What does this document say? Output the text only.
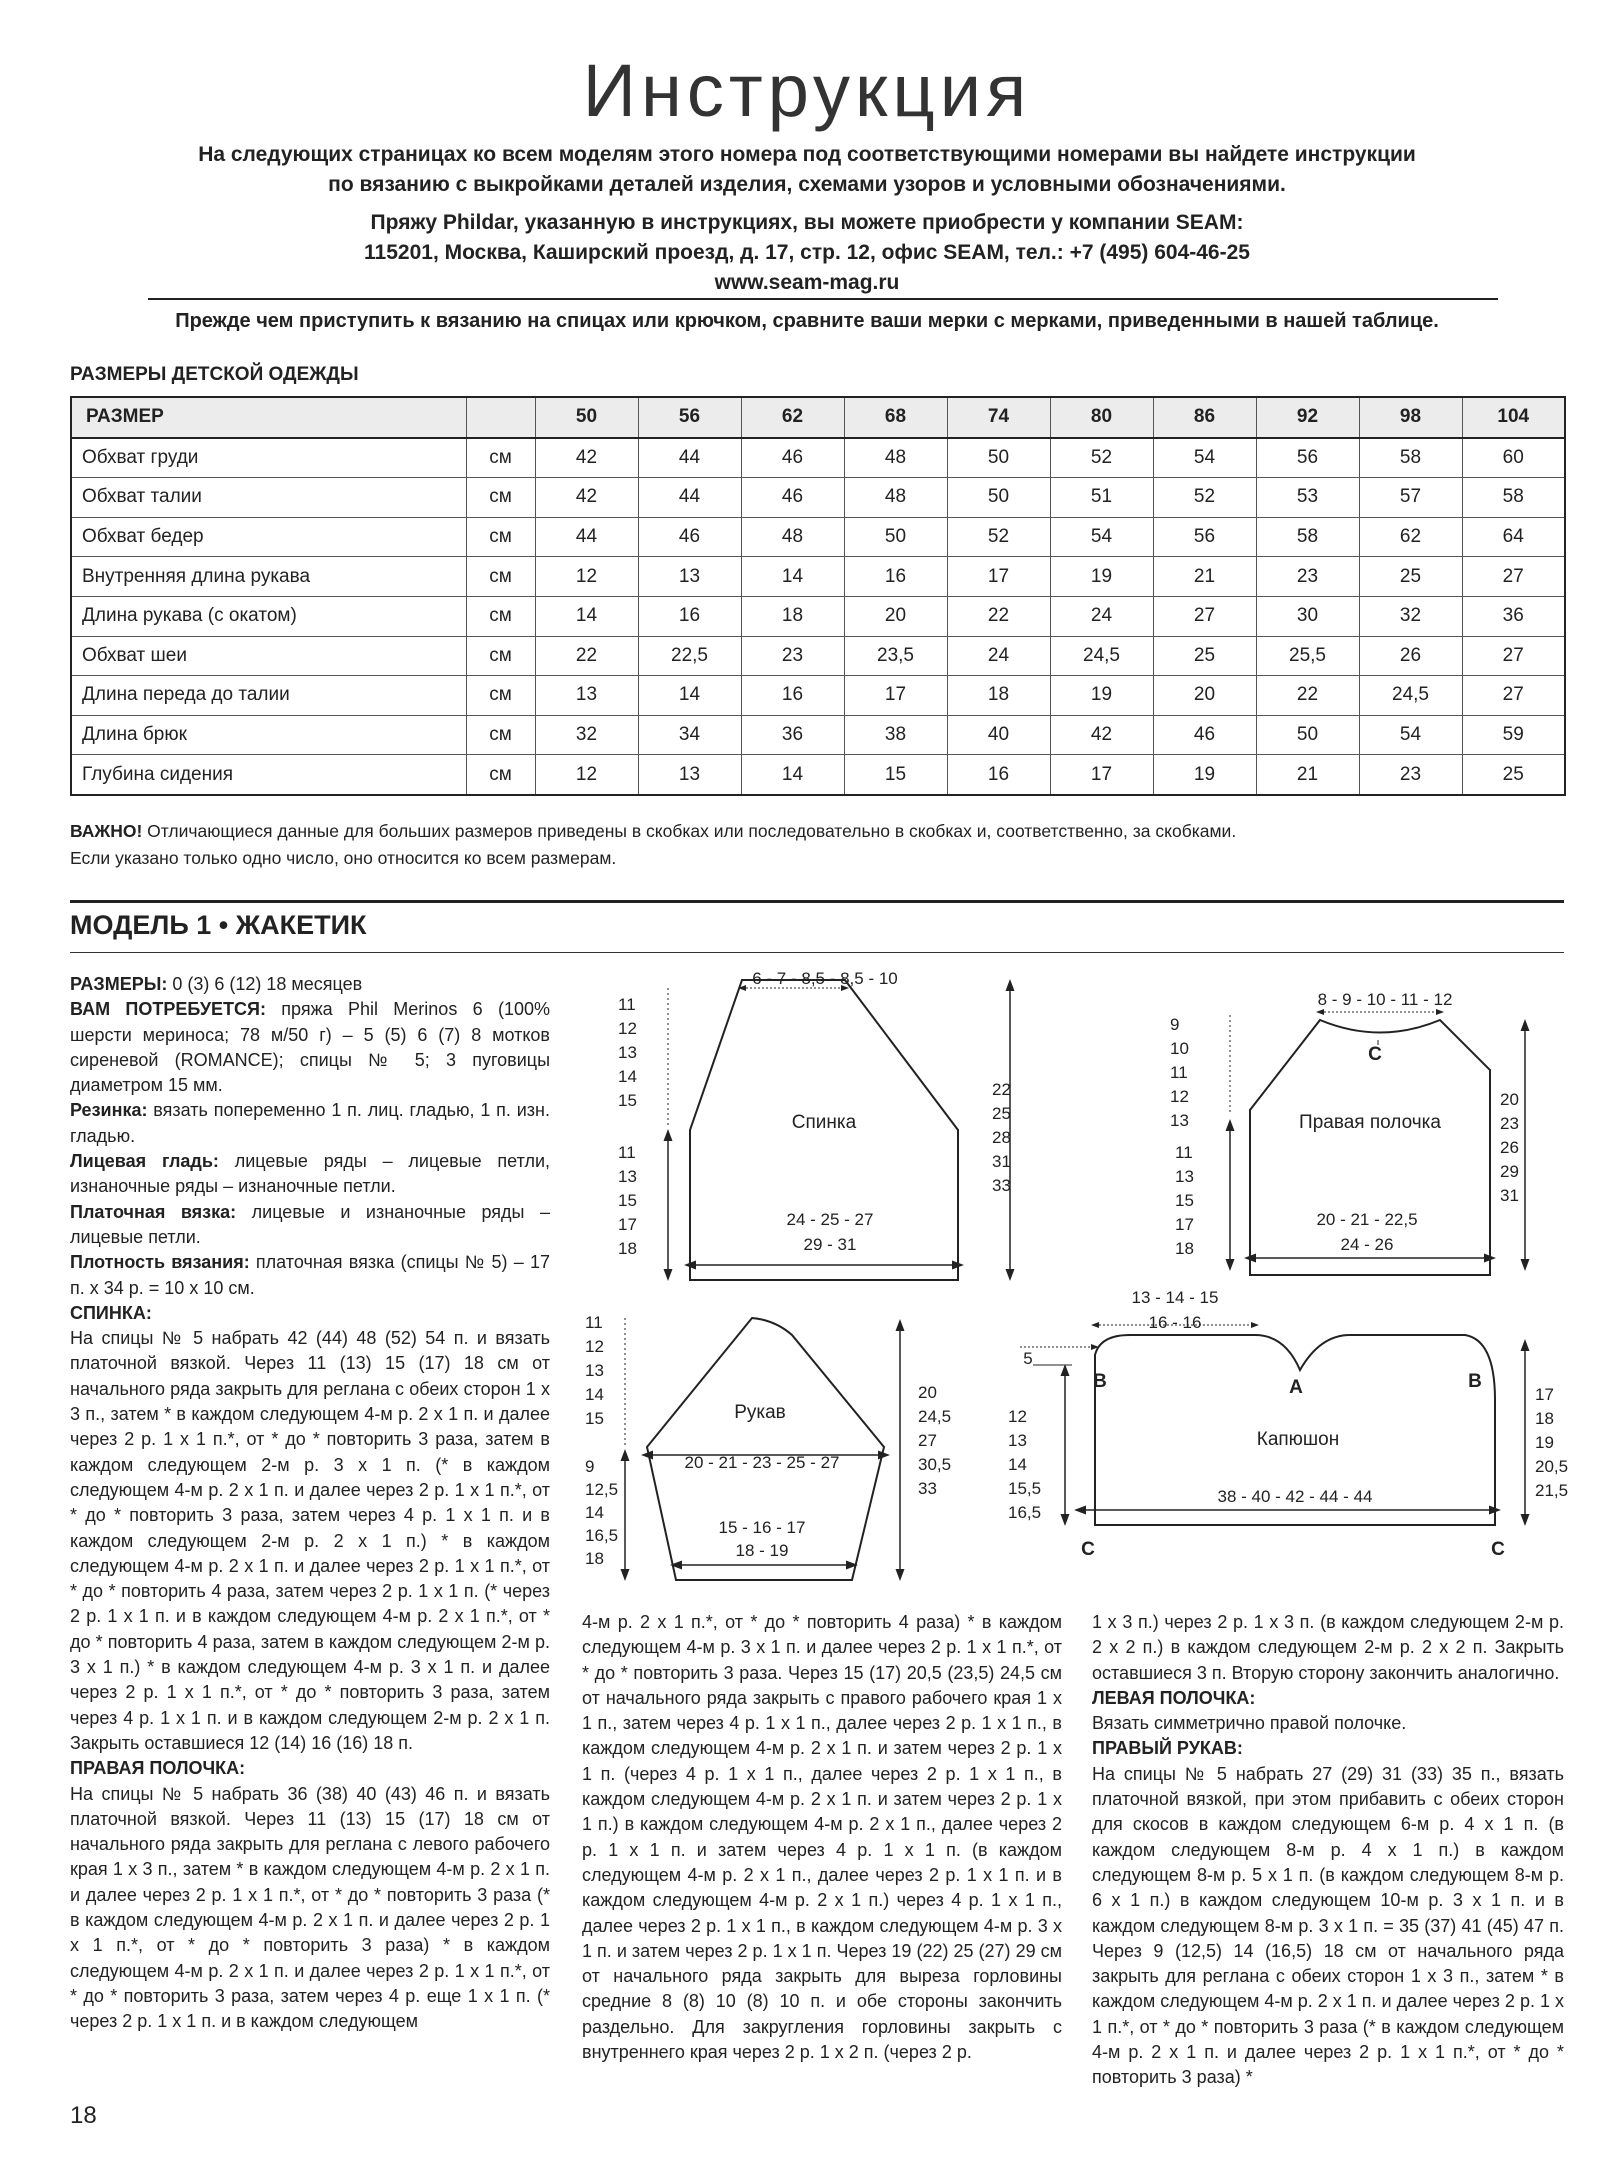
Инструкция
На следующих страницах ко всем моделям этого номера под соответствующими номерами вы найдете инструкции
по вязанию с выкройками деталей изделия, схемами узоров и условными обозначениями.
Пряжу Phildar, указанную в инструкциях, вы можете приобрести у компании SEAM:
115201, Москва, Каширский проезд, д. 17, стр. 12, офис SEAM, тел.: +7 (495) 604-46-25
www.seam-mag.ru
Прежде чем приступить к вязанию на спицах или крючком, сравните ваши мерки с мерками, приведенными в нашей таблице.
РАЗМЕРЫ ДЕТСКОЙ ОДЕЖДЫ
РАЗМЕР		50	56	62	68	74	80	86	92	98	104
Обхват груди	см	42	44	46	48	50	52	54	56	58	60
Обхват талии	см	42	44	46	48	50	51	52	53	57	58
Обхват бедер	см	44	46	48	50	52	54	56	58	62	64
Внутренняя длина рукава	см	12	13	14	16	17	19	21	23	25	27
Длина рукава (с окатом)	см	14	16	18	20	22	24	27	30	32	36
Обхват шеи	см	22	22,5	23	23,5	24	24,5	25	25,5	26	27
Длина переда до талии	см	13	14	16	17	18	19	20	22	24,5	27
Длина брюк	см	32	34	36	38	40	42	46	50	54	59
Глубина сидения	см	12	13	14	15	16	17	19	21	23	25
ВАЖНО! Отличающиеся данные для больших размеров приведены в скобках или последовательно в скобках и, соответственно, за скобками.
Если указано только одно число, оно относится ко всем размерам.
МОДЕЛЬ 1 • ЖАКЕТИК

РАЗМЕРЫ: 0 (3) 6 (12) 18 месяцев

ВАМ ПОТРЕБУЕТСЯ: пряжа Phil Merinos 6 (100% шерсти мериноса; 78 м/50 г) – 5 (5) 6 (7) 8 мотков сиреневой (ROMANCE); спицы № 5; 3 пуговицы диаметром 15 мм.

Резинка: вязать попеременно 1 п. лиц. гладью, 1 п. изн. гладью.

Лицевая гладь: лицевые ряды – лицевые петли, изнаночные ряды – изнаночные петли.

Платочная вязка: лицевые и изнаночные ряды – лицевые петли.

Плотность вязания: платочная вязка (спицы № 5) – 17 п. х 34 р. = 10 х 10 см.

СПИНКА:

На спицы № 5 набрать 42 (44) 48 (52) 54 п. и вязать платочной вязкой. Через 11 (13) 15 (17) 18 см от начального ряда закрыть для реглана с обеих сторон 1 х 3 п., затем * в каждом следующем 4-м р. 2 х 1 п. и далее через 2 р. 1 х 1 п.*, от * до * повторить 3 раза, затем в каждом следующем 2-м р. 3 х 1 п. (* в каждом следующем 4-м р. 2 х 1 п. и далее через 2 р. 1 х 1 п.*, от * до * повторить 3 раза, затем через 4 р. 1 х 1 п. и в каждом следующем 2-м р. 2 х 1 п.) * в каждом следующем 4-м р. 2 х 1 п. и далее через 2 р. 1 х 1 п.*, от * до * повторить 4 раза, затем через 2 р. 1 х 1 п. (* через 2 р. 1 х 1 п. и в каждом следующем 4-м р. 2 х 1 п.*, от * до * повторить 4 раза, затем в каждом следующем 2-м р. 3 х 1 п.) * в каждом следующем 4-м р. 3 х 1 п. и далее через 2 р. 1 х 1 п.*, от * до * повторить 3 раза, затем через 4 р. 1 х 1 п. и в каждом следующем 2-м р. 2 х 1 п. Закрыть оставшиеся 12 (14) 16 (16) 18 п.

ПРАВАЯ ПОЛОЧКА:

На спицы № 5 набрать 36 (38) 40 (43) 46 п. и вязать платочной вязкой. Через 11 (13) 15 (17) 18 см от начального ряда закрыть для реглана с левого рабочего края 1 х 3 п., затем * в каждом следующем 4-м р. 2 х 1 п. и далее через 2 р. 1 х 1 п.*, от * до * повторить 3 раза (* в каждом следующем 4-м р. 2 х 1 п. и далее через 2 р. 1 х 1 п.*, от * до * повторить 3 раза) * в каждом следующем 4-м р. 2 х 1 п. и далее через 2 р. 1 х 1 п.*, от * до * повторить 3 раза, затем через 4 р. еще 1 х 1 п. (* через 2 р. 1 х 1 п. и в каждом следующем

4-м р. 2 х 1 п.*, от * до * повторить 4 раза) * в каждом следующем 4-м р. 3 х 1 п. и далее через 2 р. 1 х 1 п.*, от * до * повторить 3 раза. Через 15 (17) 20,5 (23,5) 24,5 см от начального ряда закрыть с правого рабочего края 1 х 1 п., затем через 4 р. 1 х 1 п., далее через 2 р. 1 х 1 п., в каждом следующем 4-м р. 2 х 1 п. и затем через 2 р. 1 х 1 п. (через 4 р. 1 х 1 п., далее через 2 р. 1 х 1 п., в каждом следующем 4-м р. 2 х 1 п. и затем через 2 р. 1 х 1 п.) в каждом следующем 4-м р. 2 х 1 п., далее через 2 р. 1 х 1 п. и затем через 4 р. 1 х 1 п. (в каждом следующем 4-м р. 2 х 1 п., далее через 2 р. 1 х 1 п. и в каждом следующем 4-м р. 2 х 1 п.) через 4 р. 1 х 1 п., далее через 2 р. 1 х 1 п., в каждом следующем 4-м р. 3 х 1 п. и затем через 2 р. 1 х 1 п. Через 19 (22) 25 (27) 29 см от начального ряда закрыть для выреза горловины средние 8 (8) 10 (8) 10 п. и обе стороны закончить раздельно. Для закругления горловины закрыть с внутреннего края через 2 р. 1 х 2 п. (через 2 р.

1 х 3 п.) через 2 р. 1 х 3 п. (в каждом следующем 2-м р. 2 х 2 п.) в каждом следующем 2-м р. 2 х 2 п. Закрыть оставшиеся 3 п. Вторую сторону закончить аналогично.

ЛЕВАЯ ПОЛОЧКА:

Вязать симметрично правой полочке.

ПРАВЫЙ РУКАВ:

На спицы № 5 набрать 27 (29) 31 (33) 35 п., вязать платочной вязкой, при этом прибавить с обеих сторон для скосов в каждом следующем 6-м р. 4 х 1 п. (в каждом следующем 8-м р. 4 х 1 п.) в каждом следующем 8-м р. 5 х 1 п. (в каждом следующем 8-м р. 6 х 1 п.) в каждом следующем 10-м р. 3 х 1 п. и в каждом следующем 8-м р. 3 х 1 п. = 35 (37) 41 (45) 47 п. Через 9 (12,5) 14 (16,5) 18 см от начального ряда закрыть для реглана с обеих сторон 1 х 3 п., затем * в каждом следующем 4-м р. 2 х 1 п. и далее через 2 р. 1 х 1 п.*, от * до * повторить 3 раза (* в каждом следующем 4-м р. 2 х 1 п. и далее через 2 р. 1 х 1 п.*, от * до * повторить 3 раза) *

6 - 7 - 8,5 - 8,5 - 10
Спинка
24 - 25 - 27
29 - 31
11
12
13
14
15
11
13
15
17
18
22
25
28
31
33
8 - 9 - 10 - 11 - 12
C
Правая полочка
20 - 21 - 22,5
24 - 26
9
10
11
12
13
11
13
15
17
18
20
23
26
29
31
Рукав
20 - 21 - 23 - 25 - 27
15 - 16 - 17
18 - 19
11
12
13
14
15
9
12,5
14
16,5
18
20
24,5
27
30,5
33
13 - 14 - 15
16 - 16
5
A
B	B
C	C
Капюшон
38 - 40 - 42 - 44 - 44
12
13
14
15,5
16,5
17
18
19
20,5
21,5
18
